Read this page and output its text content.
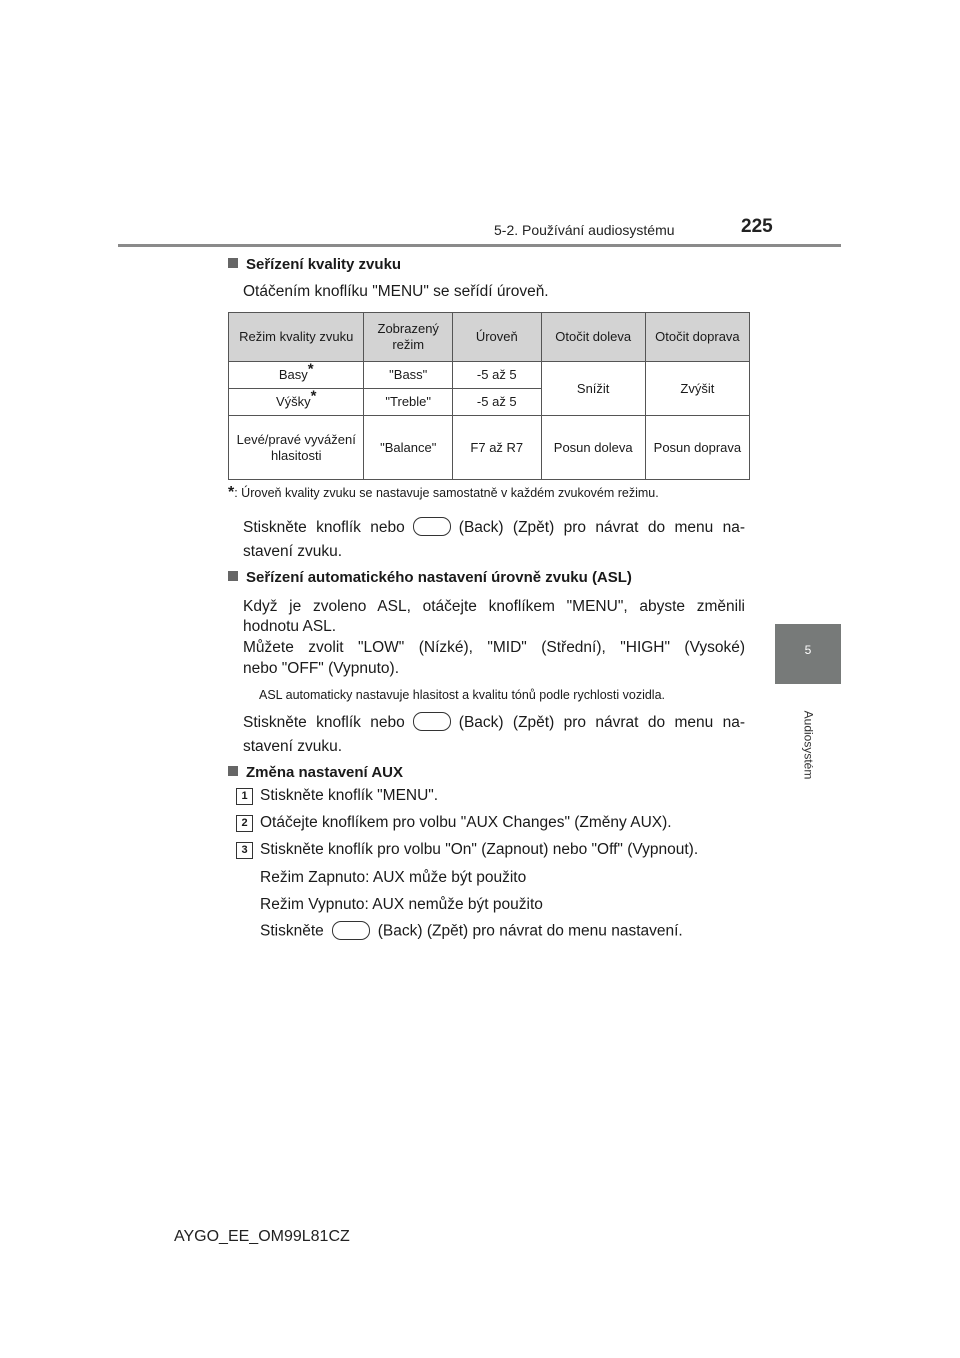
5-2. Používání audiosystému	225
5
Audiosystém
Seřízení kvality zvuku
Otáčením knoflíku "MENU" se seřídí úroveň.
Režim kvality zvuku	Zobrazený režim	Úroveň	Otočit doleva	Otočit doprava
Basy*	"Bass"	-5 až 5	Snížit	Zvýšit
Výšky*	"Treble"	-5 až 5		
Levé/pravé vyvážení hlasitosti	"Balance"	F7 až R7	Posun doleva	Posun doprava
*: Úroveň kvality zvuku se nastavuje samostatně v každém zvukovém režimu.
Stiskněte knoflík nebo	(Back) (Zpět) pro návrat do menu na-
stavení zvuku.
Seřízení automatického nastavení úrovně zvuku (ASL)
Když je zvoleno ASL, otáčejte knoflíkem "MENU", abyste změnili
hodnotu ASL.
Můžete zvolit "LOW" (Nízké), "MID" (Střední), "HIGH" (Vysoké)
nebo "OFF" (Vypnuto).
ASL automaticky nastavuje hlasitost a kvalitu tónů podle rychlosti vozidla.
Stiskněte knoflík nebo	(Back) (Zpět) pro návrat do menu na-
stavení zvuku.
Změna nastavení AUX
1 Stiskněte knoflík "MENU".
2 Otáčejte knoflíkem pro volbu "AUX Changes" (Změny AUX).
3 Stiskněte knoflík pro volbu "On" (Zapnout) nebo "Off" (Vypnout).
Režim Zapnuto: AUX může být použito
Režim Vypnuto: AUX nemůže být použito
Stiskněte	(Back) (Zpět) pro návrat do menu nastavení.
AYGO_EE_OM99L81CZ
